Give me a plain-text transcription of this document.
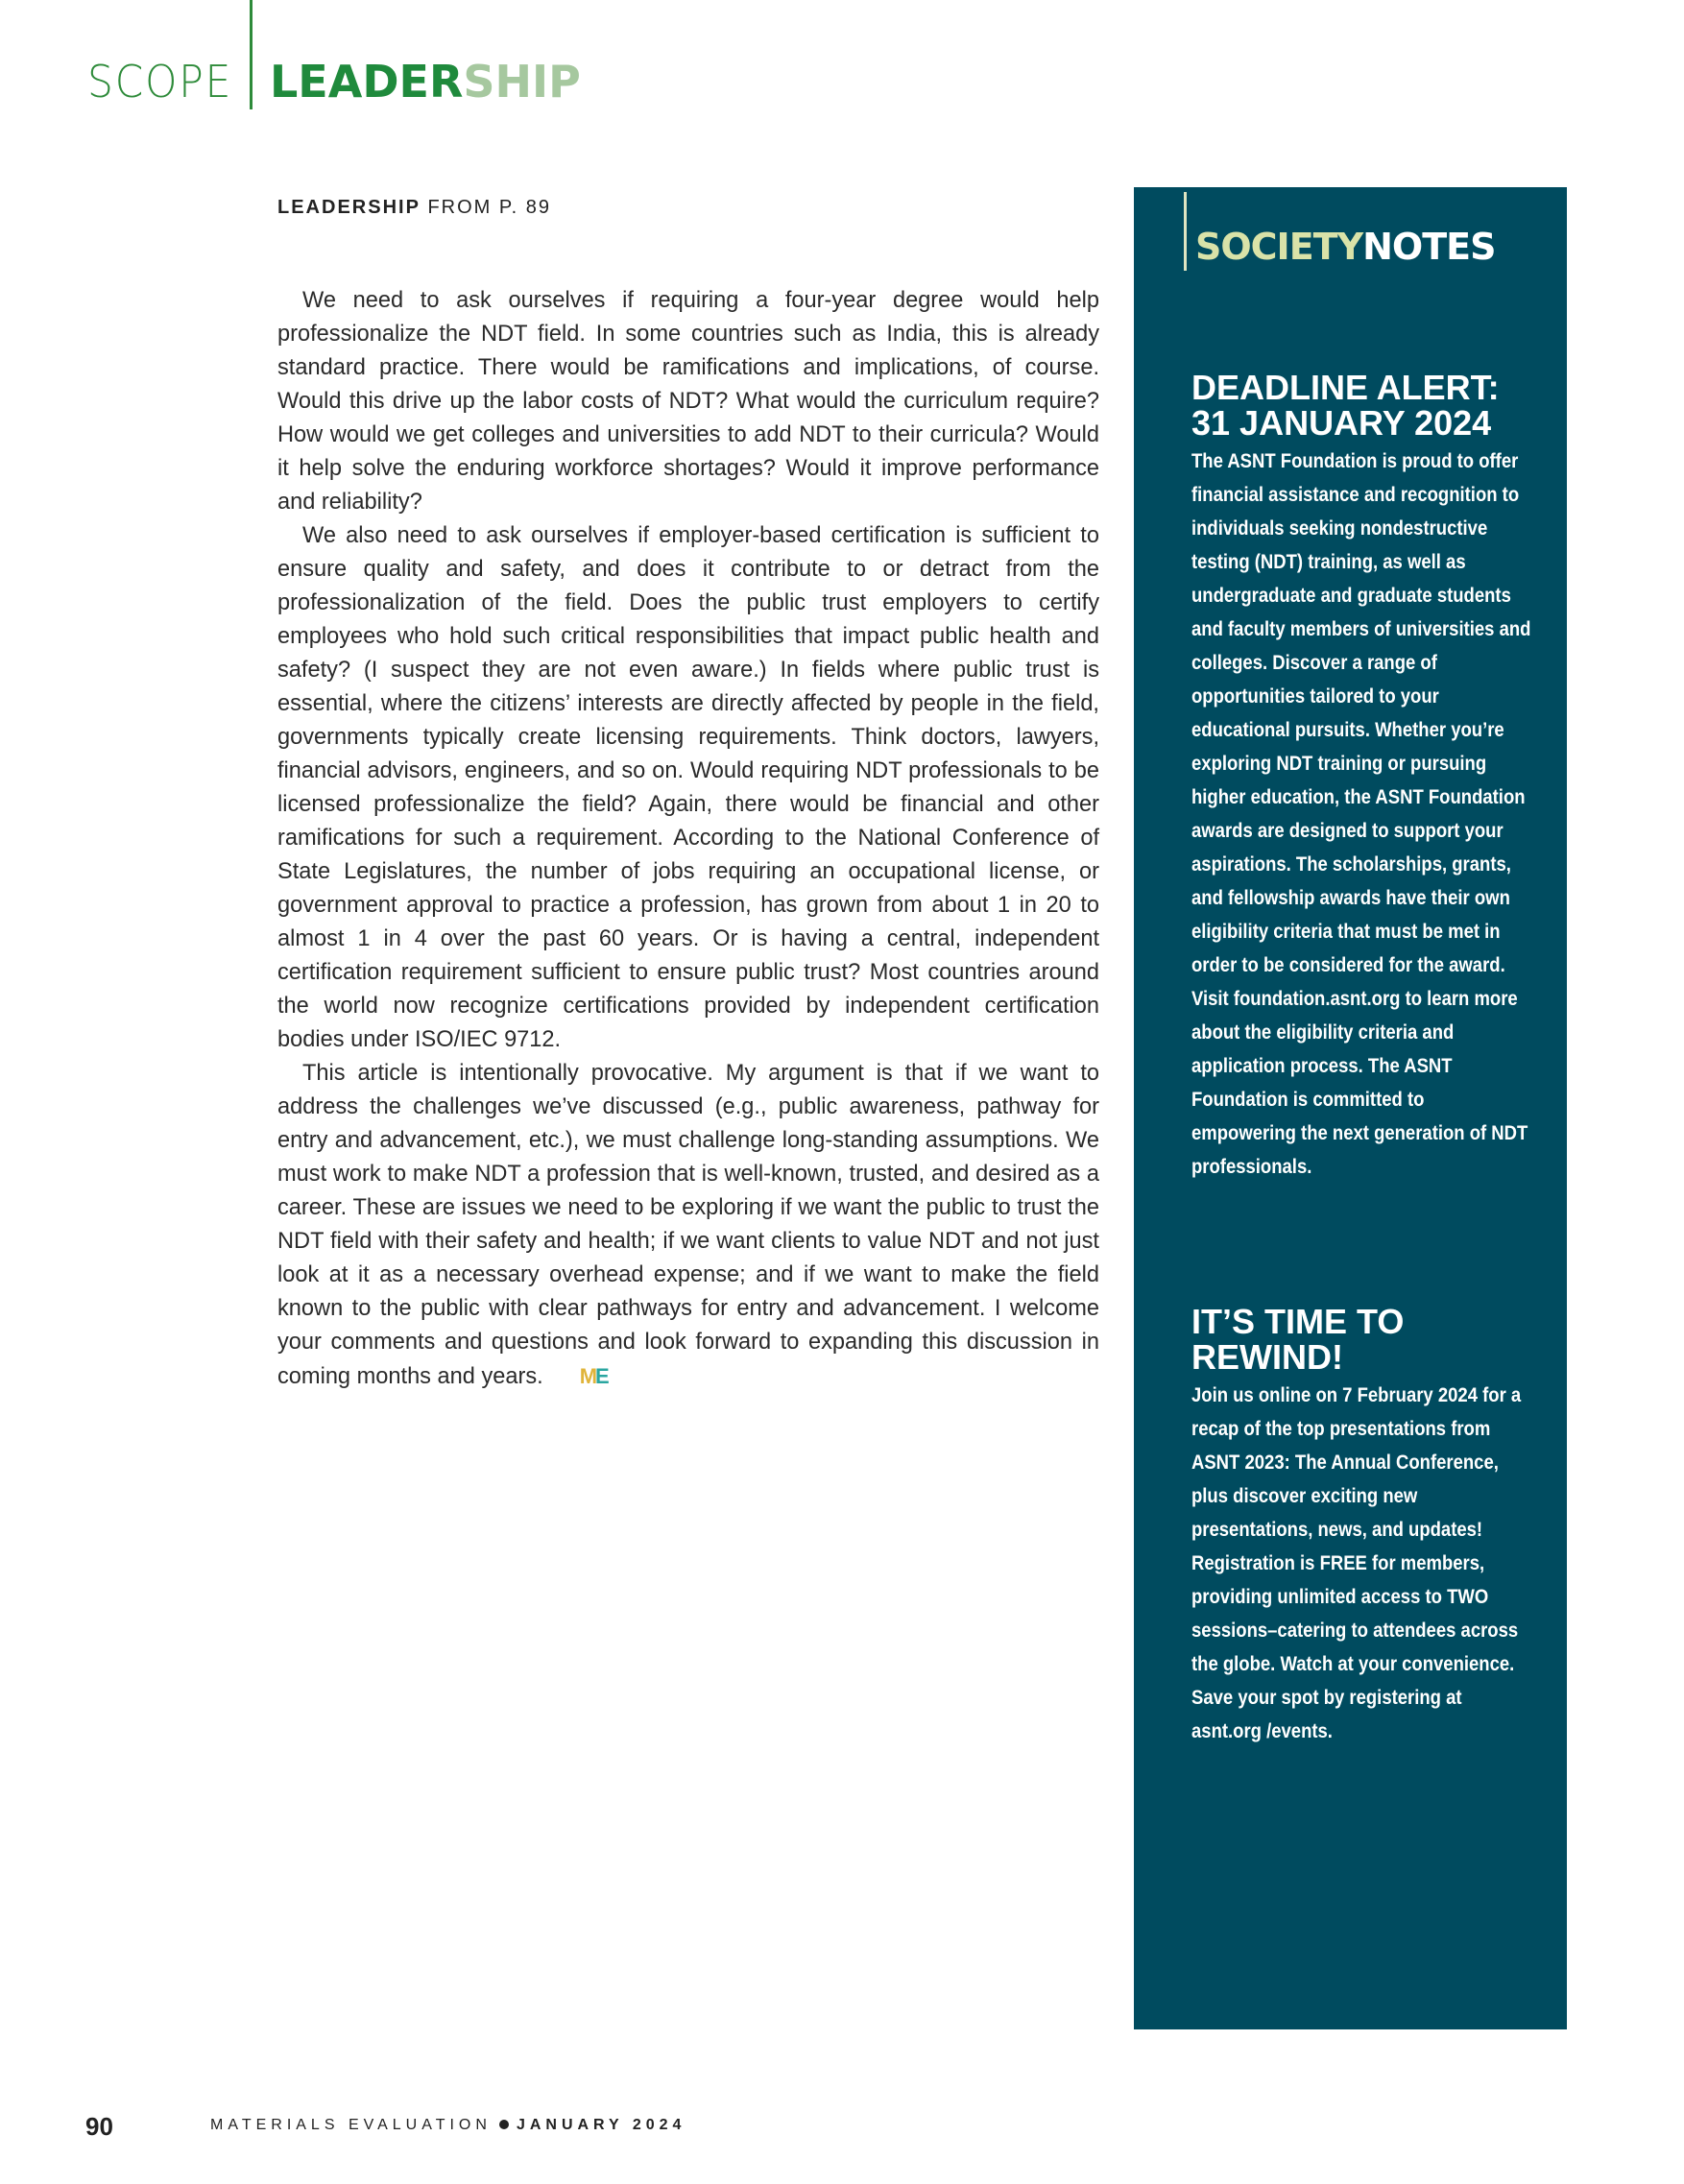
SCOPE LEADERSHIP
LEADERSHIP FROM P. 89

We need to ask ourselves if requiring a four-year degree would help professionalize the NDT field. In some countries such as India, this is already standard practice. There would be ramifications and implications, of course. Would this drive up the labor costs of NDT? What would the curriculum require? How would we get colleges and universities to add NDT to their curricula? Would it help solve the enduring workforce shortages? Would it improve performance and reliability?

We also need to ask ourselves if employer-based certification is sufficient to ensure quality and safety, and does it contribute to or detract from the professionalization of the field. Does the public trust employers to certify employees who hold such critical responsibilities that impact public health and safety? (I suspect they are not even aware.) In fields where public trust is essential, where the citizens’ interests are directly affected by people in the field, governments typically create licensing requirements. Think doctors, lawyers, financial advisors, engineers, and so on. Would requiring NDT professionals to be licensed professionalize the field? Again, there would be financial and other ramifications for such a requirement. According to the National Conference of State Legislatures, the number of jobs requiring an occupational license, or government approval to practice a profession, has grown from about 1 in 20 to almost 1 in 4 over the past 60 years. Or is having a central, independent certification requirement sufficient to ensure public trust? Most countries around the world now recognize certifications provided by independent certification bodies under ISO/IEC 9712.

This article is intentionally provocative. My argument is that if we want to address the challenges we’ve discussed (e.g., public awareness, pathway for entry and advancement, etc.), we must challenge long-standing assumptions. We must work to make NDT a profession that is well-known, trusted, and desired as a career. These are issues we need to be exploring if we want the public to trust the NDT field with their safety and health; if we want clients to value NDT and not just look at it as a necessary overhead expense; and if we want to make the field known to the public with clear pathways for entry and advancement. I welcome your comments and questions and look forward to expanding this discussion in coming months and years. ME

SOCIETYNOTES
DEADLINE ALERT: 31 JANUARY 2024

The ASNT Foundation is proud to offer financial assistance and recognition to individuals seeking nondestructive testing (NDT) training, as well as undergraduate and graduate students and faculty members of universities and colleges. Discover a range of opportunities tailored to your educational pursuits. Whether you’re exploring NDT training or pursuing higher education, the ASNT Foundation awards are designed to support your aspirations. The scholarships, grants, and fellowship awards have their own eligibility criteria that must be met in order to be considered for the award. Visit foundation.asnt.org to learn more about the eligibility criteria and application process. The ASNT Foundation is committed to empowering the next generation of NDT professionals.

IT’S TIME TO REWIND!

Join us online on 7 February 2024 for a recap of the top presentations from ASNT 2023: The Annual Conference, plus discover exciting new presentations, news, and updates! Registration is FREE for members, providing unlimited access to TWO sessions–catering to attendees across the globe. Watch at your convenience. Save your spot by registering at asnt.org /events.

90	MATERIALS EVALUATION JANUARY 2024
